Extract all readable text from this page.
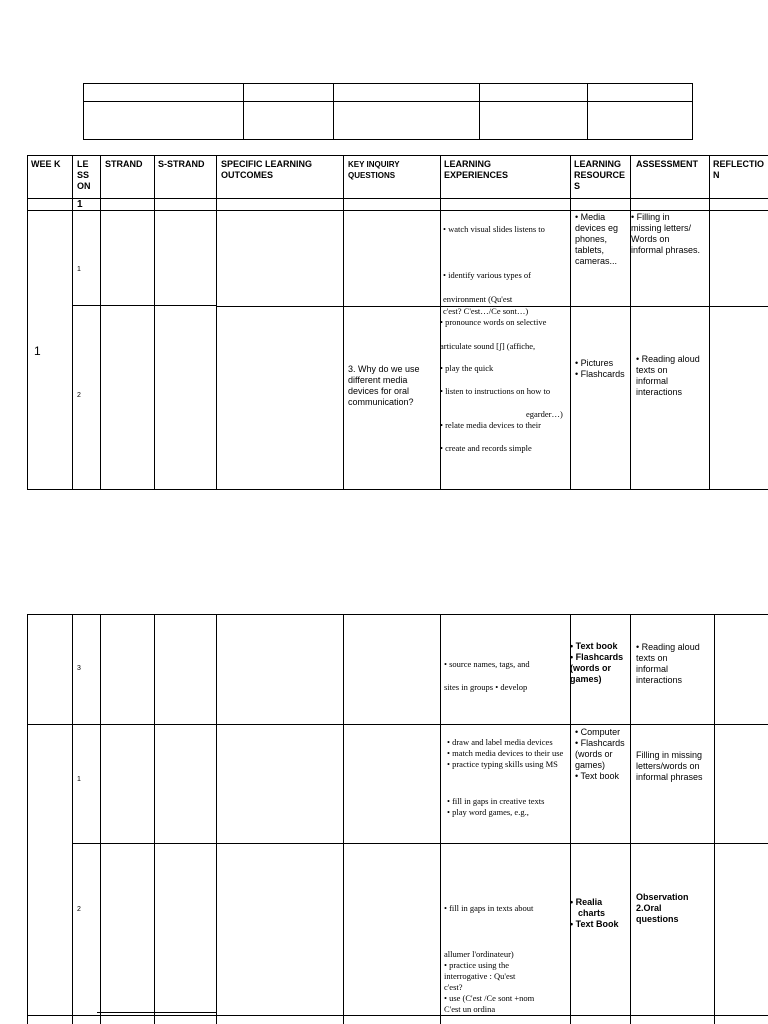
WEE K LE
SS
ON
STRAND S-STRAND SPECIFIC LEARNING
OUTCOMES
KEY INQUIRY
QUESTIONS
LEARNING
EXPERIENCES
LEARNING
RESOURCE
S
ASSESSMENT REFLECTIO
N
1
1
1
• watch visual slides listens to
• identify various types of
environment (Qu'est
c'est? C'est…/Ce sont…)
• Media
devices eg
phones,
tablets,
cameras...
• Filling in
missing letters/
Words on
informal phrases.
2
3. Why do we use
different media
devices for oral
communication?
• pronounce words on selective
articulate sound [ʃ] (affiche,
• play the quick
• listen to instructions on how to
egarder…)
• relate media devices to their
• create and records simple
• Pictures
• Flashcards
• Reading aloud
texts on
informal
interactions
3	• source names, tags, and
sites in groups • develop
• Text book
• Flashcards
(words or
games)
• Reading aloud
texts on
informal
interactions
1
• draw and label media devices
• match media devices to their use
• practice typing skills using MS
• fill in gaps in creative texts
• play word games, e.g.,
• Computer
• Flashcards
(words or
games)
• Text book
Filling in missing
letters/words on
informal phrases
2	• fill in gaps in texts about
allumer l'ordinateur)
• practice using the
interrogative : Qu'est
c'est?
• use (C'est /Ce sont +nom
C'est un ordina
• Realia
charts
• Text Book
Observation
2.Oral
questions
